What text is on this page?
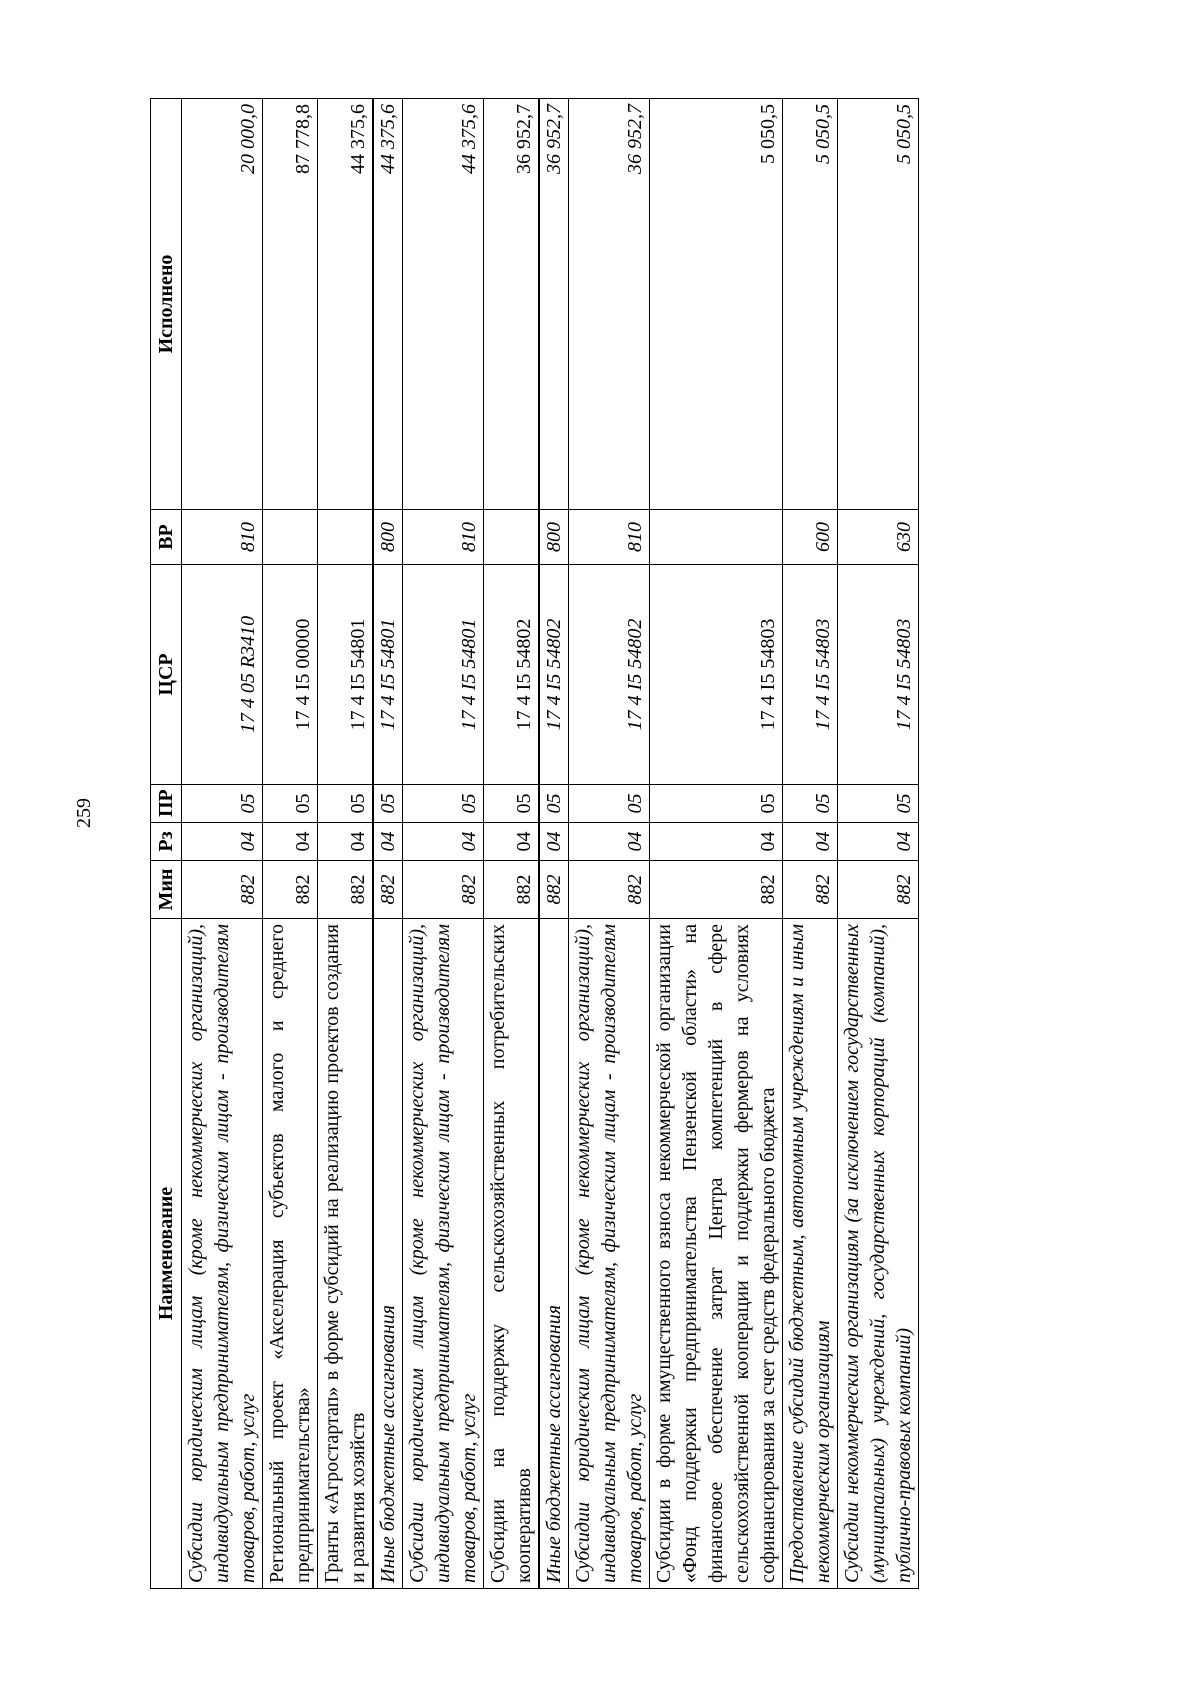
259
Наименование	Мин	Рз	ПР	ЦСР	ВР	Исполнено
Субсидии юридическим лицам (кроме некоммерческих организаций), индивидуальным предпринимателям, физическим лицам - производителям товаров, работ, услуг	882	04	05	17 4 05 R3410	810	20 000,0
Региональный проект «Акселерация субъектов малого и среднего предпринимательства»	882	04	05	17 4 I5 00000		87 778,8
Гранты «Агростартап» в форме субсидий на реализацию проектов создания и развития хозяйств	882	04	05	17 4 I5 54801		44 375,6
Иные бюджетные ассигнования	882	04	05	17 4 I5 54801	800	44 375,6
Субсидии юридическим лицам (кроме некоммерческих организаций), индивидуальным предпринимателям, физическим лицам - производителям товаров, работ, услуг	882	04	05	17 4 I5 54801	810	44 375,6
Субсидии на поддержку сельскохозяйственных потребительских кооперативов	882	04	05	17 4 I5 54802		36 952,7
Иные бюджетные ассигнования	882	04	05	17 4 I5 54802	800	36 952,7
Субсидии юридическим лицам (кроме некоммерческих организаций), индивидуальным предпринимателям, физическим лицам - производителям товаров, работ, услуг	882	04	05	17 4 I5 54802	810	36 952,7
Субсидии в форме имущественного взноса некоммерческой организации «Фонд поддержки предпринимательства Пензенской области» на финансовое обеспечение затрат Центра компетенций в сфере сельскохозяйственной кооперации и поддержки фермеров на условиях софинансирования за счет средств федерального бюджета	882	04	05	17 4 I5 54803		5 050,5
Предоставление субсидий бюджетным, автономным учреждениям и иным некоммерческим организациям	882	04	05	17 4 I5 54803	600	5 050,5
Субсидии некоммерческим организациям (за исключением государственных (муниципальных) учреждений, государственных корпораций (компаний), публично-правовых компаний)	882	04	05	17 4 I5 54803	630	5 050,5
